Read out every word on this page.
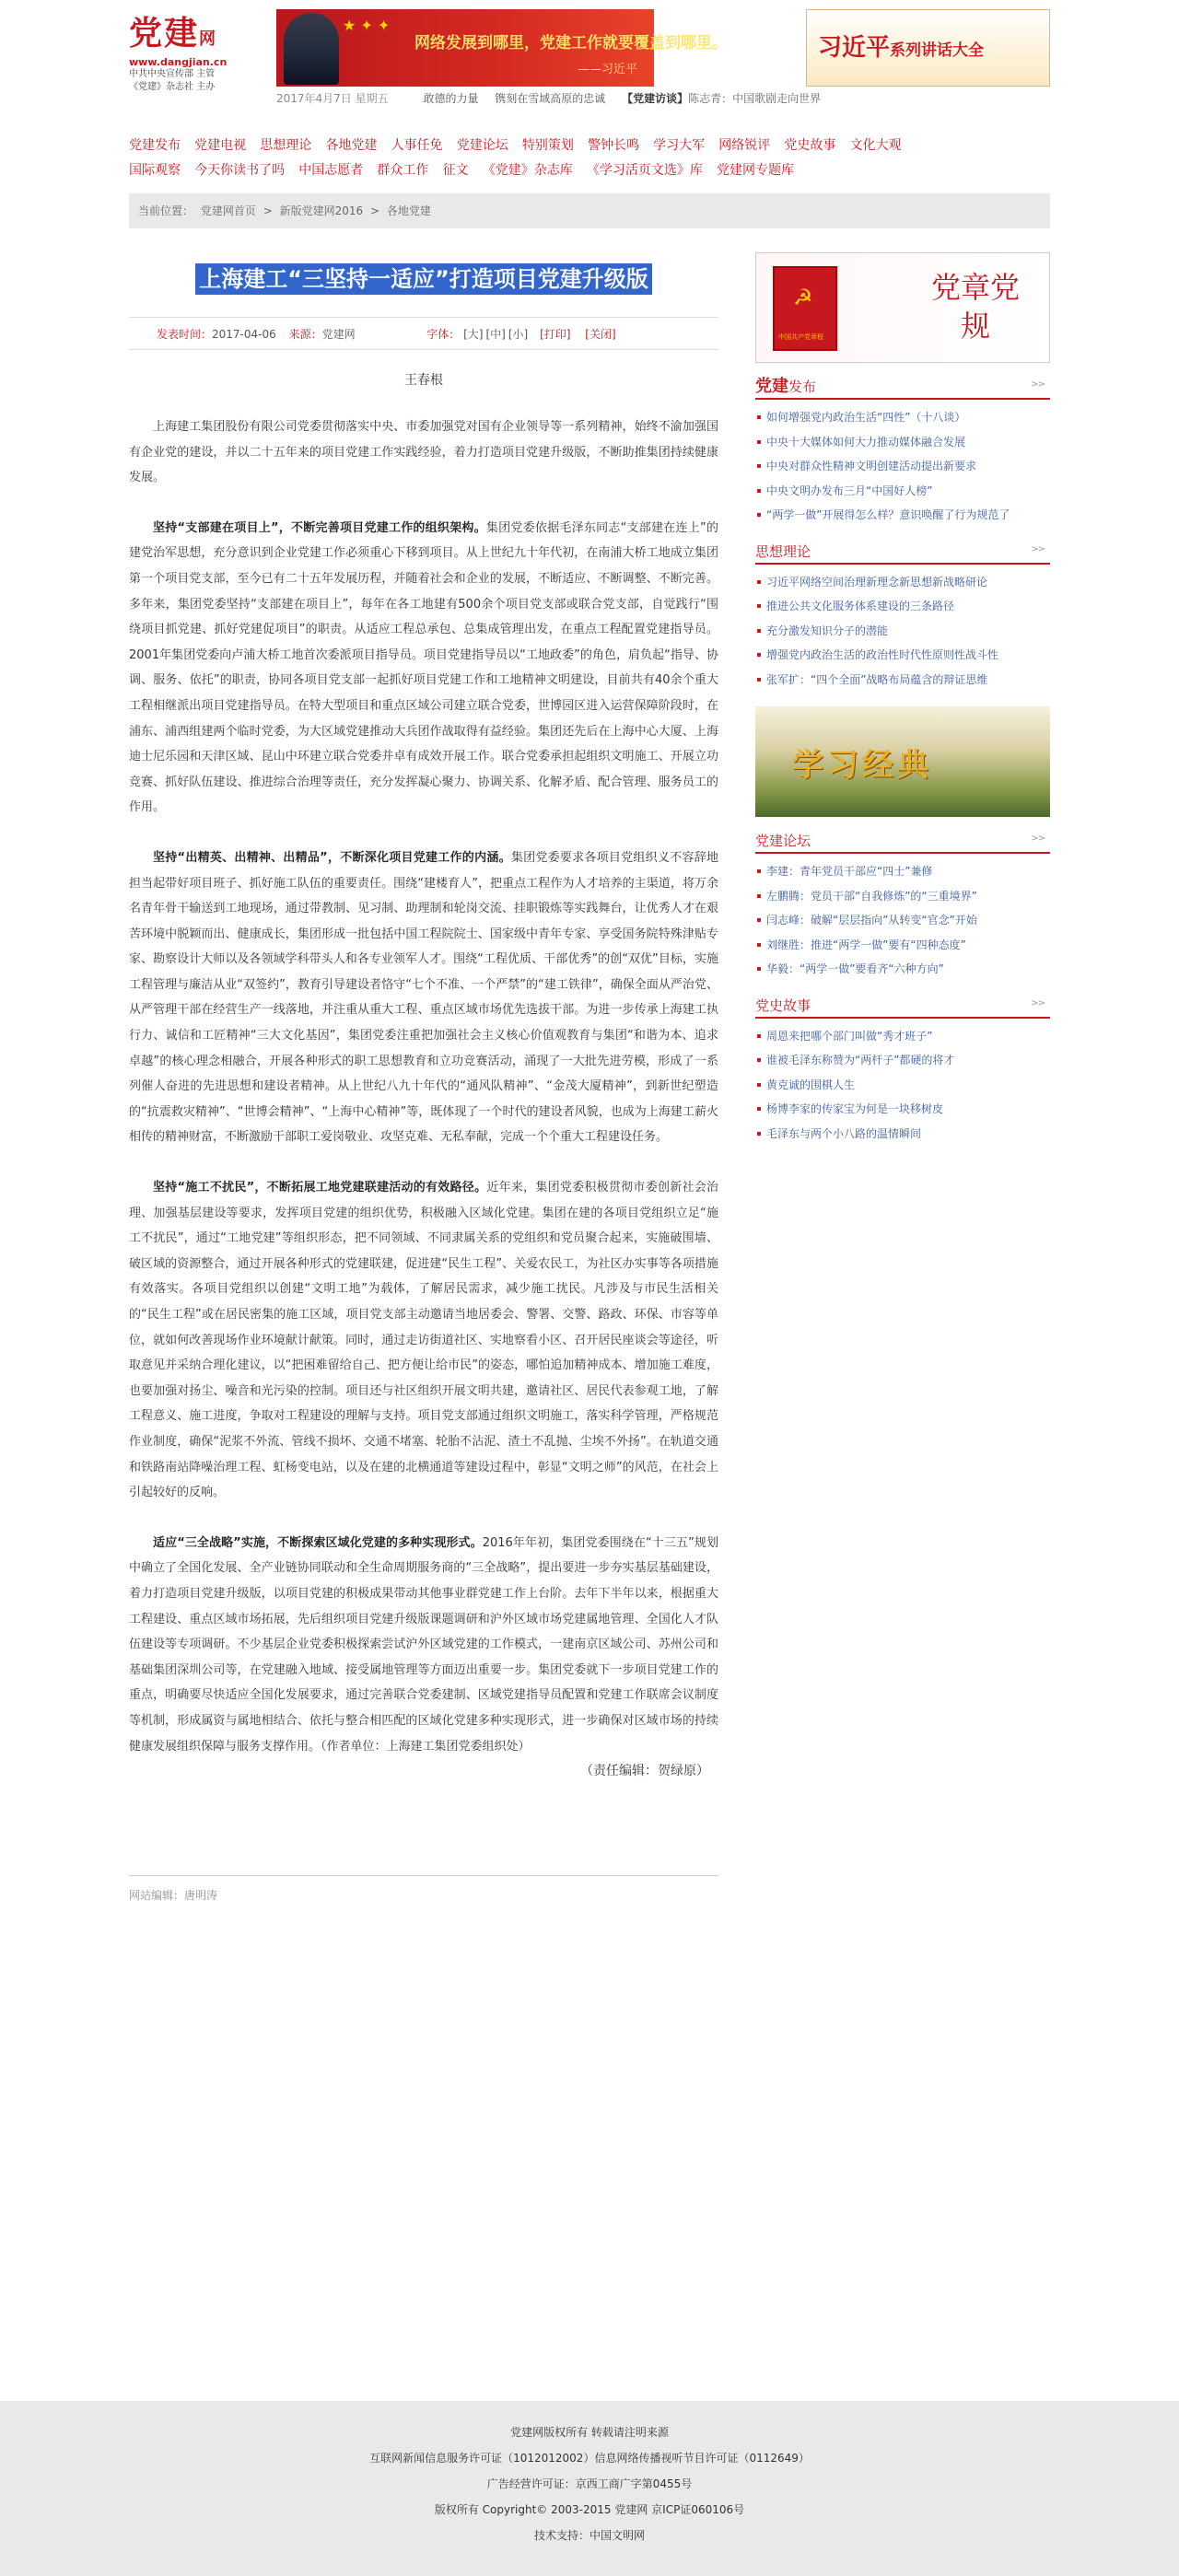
党建网
www.dangjian.cn
中共中央宣传部 主管
《党建》杂志社 主办
★ ✦ ✦
网络发展到哪里，党建工作就要覆盖到哪里。
——习近平
习近平系列讲话大全
2017年4月7日 星期五	敢德的力量 镌刻在雪域高原的忠诚 【党建访谈】陈志青：中国歌剧走向世界
党建发布 党建电视 思想理论 各地党建 人事任免 党建论坛 特别策划 警钟长鸣 学习大军 网络锐评 党史故事 文化大观
国际观察 今天你读书了吗 中国志愿者 群众工作 征文 《党建》杂志库 《学习活页文选》库 党建网专题库
当前位置： 党建网首页 > 新版党建网2016 > 各地党建
上海建工“三坚持一适应”打造项目党建升级版
发表时间：2017-04-06 来源：党建网	字体： [大] [中] [小] [打印] [关闭]
王春根

上海建工集团股份有限公司党委贯彻落实中央、市委加强党对国有企业领导等一系列精神，始终不渝加强国有企业党的建设，并以二十五年来的项目党建工作实践经验，着力打造项目党建升级版，不断助推集团持续健康发展。

坚持“支部建在项目上”，不断完善项目党建工作的组织架构。集团党委依据毛泽东同志“支部建在连上”的建党治军思想，充分意识到企业党建工作必须重心下移到项目。从上世纪九十年代初，在南浦大桥工地成立集团第一个项目党支部，至今已有二十五年发展历程，并随着社会和企业的发展，不断适应、不断调整、不断完善。多年来，集团党委坚持“支部建在项目上”，每年在各工地建有500余个项目党支部或联合党支部，自觉践行“围绕项目抓党建、抓好党建促项目”的职责。从适应工程总承包、总集成管理出发，在重点工程配置党建指导员。2001年集团党委向卢浦大桥工地首次委派项目指导员。项目党建指导员以“工地政委”的角色，肩负起“指导、协调、服务、依托”的职责，协同各项目党支部一起抓好项目党建工作和工地精神文明建设，目前共有40余个重大工程相继派出项目党建指导员。在特大型项目和重点区域公司建立联合党委，世博园区进入运营保障阶段时，在浦东、浦西组建两个临时党委，为大区域党建推动大兵团作战取得有益经验。集团还先后在上海中心大厦、上海迪士尼乐园和天津区域、昆山中环建立联合党委并卓有成效开展工作。联合党委承担起组织文明施工、开展立功竞赛、抓好队伍建设、推进综合治理等责任，充分发挥凝心聚力、协调关系、化解矛盾、配合管理、服务员工的作用。

坚持“出精英、出精神、出精品”，不断深化项目党建工作的内涵。集团党委要求各项目党组织义不容辞地担当起带好项目班子、抓好施工队伍的重要责任。围绕“建楼育人”，把重点工程作为人才培养的主渠道，将万余名青年骨干输送到工地现场，通过带教制、见习制、助理制和轮岗交流、挂职锻炼等实践舞台，让优秀人才在艰苦环境中脱颖而出、健康成长，集团形成一批包括中国工程院院士、国家级中青年专家、享受国务院特殊津贴专家、勘察设计大师以及各领域学科带头人和各专业领军人才。围绕“工程优质、干部优秀”的创“双优”目标，实施工程管理与廉洁从业“双签约”，教育引导建设者恪守“七个不准、一个严禁”的“建工铁律”，确保全面从严治党、从严管理干部在经营生产一线落地，并注重从重大工程、重点区域市场优先选拔干部。为进一步传承上海建工执行力、诚信和工匠精神“三大文化基因”，集团党委注重把加强社会主义核心价值观教育与集团“和谐为本、追求卓越”的核心理念相融合，开展各种形式的职工思想教育和立功竞赛活动，涌现了一大批先进劳模，形成了一系列催人奋进的先进思想和建设者精神。从上世纪八九十年代的“通风队精神”、“金茂大厦精神”，到新世纪塑造的“抗震救灾精神”、“世博会精神”、“上海中心精神”等，既体现了一个时代的建设者风貌，也成为上海建工薪火相传的精神财富，不断激励干部职工爱岗敬业、攻坚克难、无私奉献，完成一个个重大工程建设任务。

坚持“施工不扰民”，不断拓展工地党建联建活动的有效路径。近年来，集团党委积极贯彻市委创新社会治理、加强基层建设等要求，发挥项目党建的组织优势，积极融入区域化党建。集团在建的各项目党组织立足“施工不扰民”，通过“工地党建”等组织形态，把不同领域、不同隶属关系的党组织和党员聚合起来，实施破围墙、破区域的资源整合，通过开展各种形式的党建联建，促进建“民生工程”、关爱农民工，为社区办实事等各项措施有效落实。各项目党组织以创建“文明工地”为载体，了解居民需求，减少施工扰民。凡涉及与市民生活相关的“民生工程”或在居民密集的施工区域，项目党支部主动邀请当地居委会、警署、交警、路政、环保、市容等单位，就如何改善现场作业环境献计献策。同时，通过走访街道社区、实地察看小区、召开居民座谈会等途径，听取意见并采纳合理化建议，以“把困难留给自己、把方便让给市民”的姿态，哪怕追加精神成本、增加施工难度，也要加强对扬尘、噪音和光污染的控制。项目还与社区组织开展文明共建，邀请社区、居民代表参观工地，了解工程意义、施工进度，争取对工程建设的理解与支持。项目党支部通过组织文明施工，落实科学管理，严格规范作业制度，确保“泥浆不外流、管线不损坏、交通不堵塞、轮胎不沾泥、渣土不乱抛、尘埃不外扬”。在轨道交通和铁路南站降噪治理工程、虹杨变电站，以及在建的北横通道等建设过程中，彰显“文明之师”的风范，在社会上引起较好的反响。

适应“三全战略”实施，不断探索区域化党建的多种实现形式。2016年年初，集团党委围绕在“十三五”规划中确立了全国化发展、全产业链协同联动和全生命周期服务商的“三全战略”，提出要进一步夯实基层基础建设，着力打造项目党建升级版，以项目党建的积极成果带动其他事业群党建工作上台阶。去年下半年以来，根据重大工程建设、重点区域市场拓展，先后组织项目党建升级版课题调研和沪外区域市场党建属地管理、全国化人才队伍建设等专项调研。不少基层企业党委积极探索尝试沪外区域党建的工作模式，一建南京区域公司、苏州公司和基础集团深圳公司等，在党建融入地域、接受属地管理等方面迈出重要一步。集团党委就下一步项目党建工作的重点，明确要尽快适应全国化发展要求，通过完善联合党委建制、区域党建指导员配置和党建工作联席会议制度等机制，形成属资与属地相结合、依托与整合相匹配的区域化党建多种实现形式，进一步确保对区域市场的持续健康发展组织保障与服务支撑作用。（作者单位：上海建工集团党委组织处）

（责任编辑：贺绿原）
网站编辑：唐明涛
☭
中国共产党章程
党章党规
党建发布	>>
如何增强党内政治生活“四性”（十八谈）
中央十大媒体如何大力推动媒体融合发展
中央对群众性精神文明创建活动提出新要求
中央文明办发布三月“中国好人榜”
“两学一做”开展得怎么样？意识唤醒了行为规范了
思想理论	>>
习近平网络空间治理新理念新思想新战略研论
推进公共文化服务体系建设的三条路径
充分激发知识分子的潜能
增强党内政治生活的政治性时代性原则性战斗性
张军扩：“四个全面”战略布局蕴含的辩证思维
学习经典
党建论坛	>>
李建：青年党员干部应“四士”兼修
左鹏腾：党员干部“自我修炼”的“三重境界”
闫志峰：破解“层层指向”从转变“官念”开始
刘继胜：推进“两学一做”要有“四种态度”
华毅：“两学一做”要看齐“六种方向”
党史故事	>>
周恩来把哪个部门叫做“秀才班子”
谁被毛泽东称赞为“两杆子”都硬的将才
黄克诚的围棋人生
杨博李家的传家宝为何是一块移树皮
毛泽东与两个小八路的温情瞬间

党建网版权所有 转载请注明来源

互联网新闻信息服务许可证（1012012002）信息网络传播视听节目许可证（0112649）

广告经营许可证：京西工商广字第0455号

版权所有 Copyright© 2003-2015 党建网 京ICP证060106号

技术支持：中国文明网
